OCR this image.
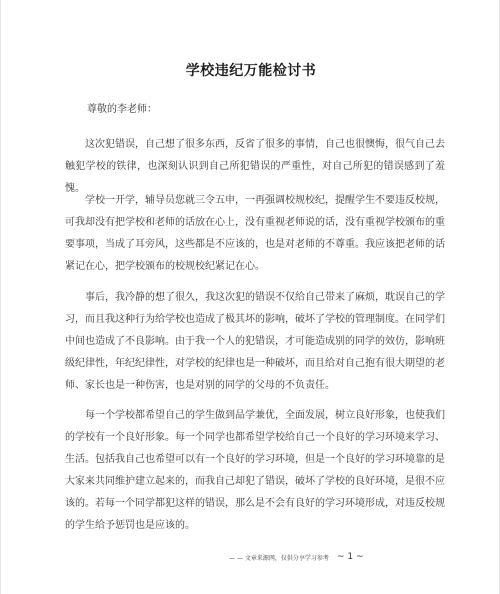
学校违纪万能检讨书
尊敬的李老师：
　　这次犯错误，自己想了很多东西，反省了很多的事情，自己也很懊悔，很气自己去触犯学校的铁律，也深刻认识到自己所犯错误的严重性，对自己所犯的错误感到了羞愧。
　　学校一开学，辅导员您就三令五申，一再强调校规校纪，提醒学生不要违反校规，可我却没有把学校和老师的话放在心上，没有重视老师说的话，没有重视学校颁布的重要事项，当成了耳旁风，这些都是不应该的，也是对老师的不尊重。我应该把老师的话紧记在心，把学校颁布的校规校纪紧记在心。
　　事后，我冷静的想了很久，我这次犯的错误不仅给自己带来了麻烦，耽误自己的学习，而且我这种行为给学校也造成了极其坏的影响，破坏了学校的管理制度。在同学们中间也造成了不良影响。由于我一个人的犯错误，才可能造成别的同学的效仿，影响班级纪律性，年纪纪律性，对学校的纪律也是一种破坏，而且给对自己抱有很大期望的老师、家长也是一种伤害，也是对别的同学的父母的不负责任。
　　每一个学校都希望自己的学生做到品学兼优，全面发展，树立良好形象，也使我们的学校有一个良好形象。每一个同学也都希望学校给自己一个良好的学习环境来学习、生活。包括我自己也希望可以有一个良好的学习环境，但是一个良好的学习环境靠的是大家来共同维护建立起来的，而我自己却犯了错误，破坏了学校的良好环境，是很不应该的。若每一个同学都犯这样的错误，那么是不会有良好的学习环境形成，对违反校规的学生给予惩罚也是应该的。
— — 文章来源网，仅供分享学习参考 ~ 1 ~
